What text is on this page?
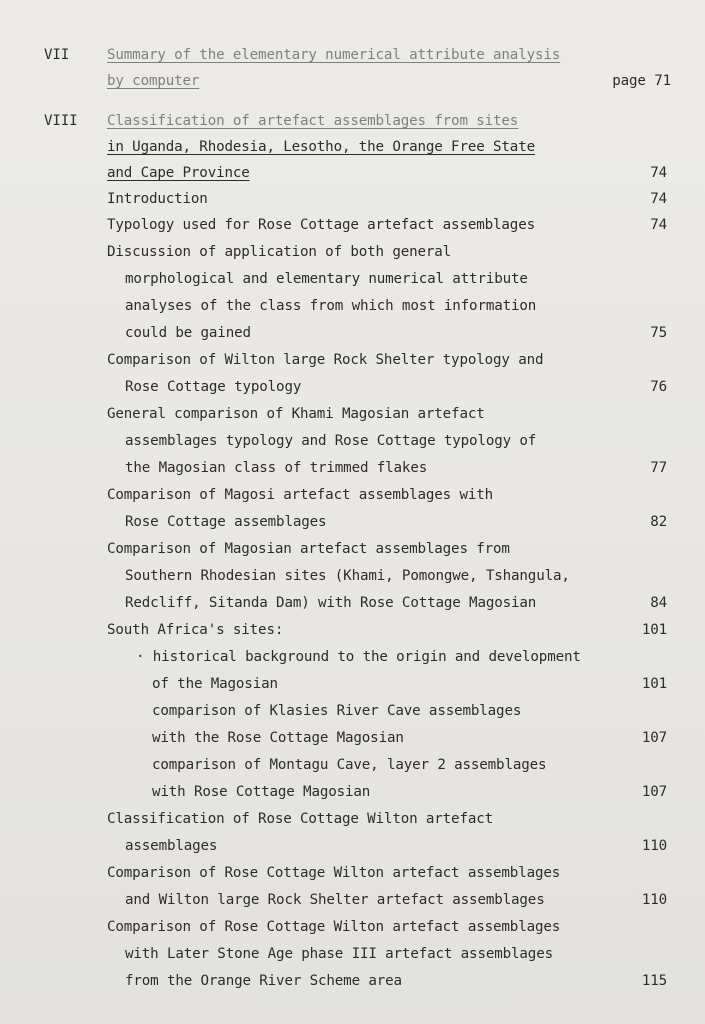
VII	Summary of the elementary numerical attribute analysis
by computer	page 71
VIII Classification of artefact assemblages from sites
in Uganda, Rhodesia, Lesotho, the Orange Free State
and Cape Province	74
Introduction	74
Typology used for Rose Cottage artefact assemblages	74
Discussion of application of both general
morphological and elementary numerical attribute
analyses of the class from which most information
could be gained	75
Comparison of Wilton large Rock Shelter typology and
Rose Cottage typology	76
General comparison of Khami Magosian artefact
assemblages typology and Rose Cottage typology of
the Magosian class of trimmed flakes	77
Comparison of Magosi artefact assemblages with
Rose Cottage assemblages	82
Comparison of Magosian artefact assemblages from
Southern Rhodesian sites (Khami, Pomongwe, Tshangula,
Redcliff, Sitanda Dam) with Rose Cottage Magosian	84
South Africa's sites:	101
· historical background to the origin and development
of the Magosian	101
comparison of Klasies River Cave assemblages
with the Rose Cottage Magosian	107
comparison of Montagu Cave, layer 2 assemblages
with Rose Cottage Magosian	107
Classification of Rose Cottage Wilton artefact
assemblages	110
Comparison of Rose Cottage Wilton artefact assemblages
and Wilton large Rock Shelter artefact assemblages	110
Comparison of Rose Cottage Wilton artefact assemblages
with Later Stone Age phase III artefact assemblages
from the Orange River Scheme area	115
